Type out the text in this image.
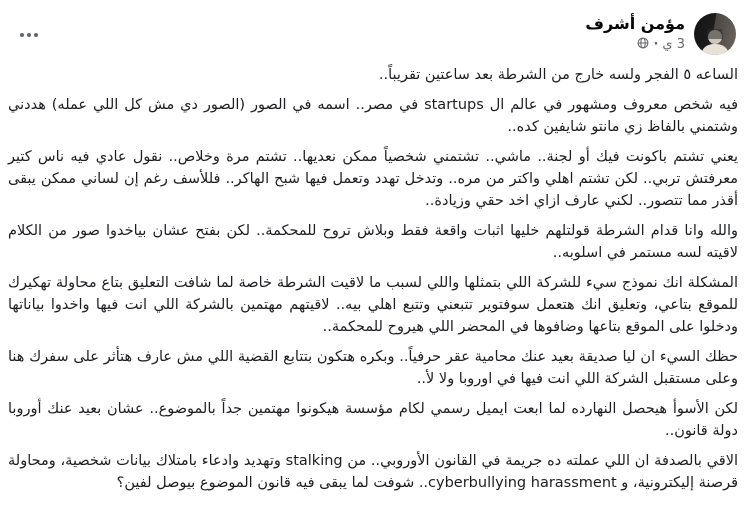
مؤمن أشرف
3 ي
·

الساعه ٥ الفجر ولسه خارج من الشرطة بعد ساعتين تقريباً..

فيه شخص معروف ومشهور في عالم ال startups في مصر.. اسمه في الصور (الصور دي مش كل اللي عمله) هددني وشتمني بالفاظ زي مانتو شايفين كده..

يعني تشتم باكونت فيك أو لجنة.. ماشي.. تشتمني شخصياً ممكن نعديها.. تشتم مرة وخلاص.. نقول عادي فيه ناس كتير معرفتش تربي.. لكن تشتم اهلي واكتر من مره.. وتدخل تهدد وتعمل فيها شبح الهاكر.. فللأسف رغم إن لساني ممكن يبقى أقذر مما تتصور.. لكني عارف ازاي اخد حقي وزيادة..

والله وانا قدام الشرطة قولتلهم خليها اثبات واقعة فقط وبلاش تروح للمحكمة.. لكن بفتح عشان بياخدوا صور من الكلام لاقيته لسه مستمر في اسلوبه..

المشكلة انك نموذج سيء للشركة اللي بتمثلها واللي لسبب ما لاقيت الشرطة خاصة لما شافت التعليق بتاع محاولة تهكيرك للموقع بتاعي، وتعليق انك هتعمل سوفتوير تتبعني وتتبع اهلي بيه.. لاقيتهم مهتمين بالشركة اللي انت فيها واخدوا بياناتها ودخلوا على الموقع بتاعها وضافوها في المحضر اللي هيروح للمحكمة..

حظك السيء ان ليا صديقة بعيد عنك محامية عقر حرفياً.. وبكره هتكون بتتابع القضية اللي مش عارف هتأثر على سفرك هنا وعلى مستقبل الشركة اللي انت فيها في اوروبا ولا لأ..

لكن الأسوأ هيحصل النهارده لما ابعت ايميل رسمي لكام مؤسسة هيكونوا مهتمين جداً بالموضوع.. عشان بعيد عنك أوروبا دولة قانون..

الاقي بالصدفة ان اللي عملته ده جريمة في القانون الأوروبي.. من stalking وتهديد وادعاء بامتلاك بيانات شخصية، ومحاولة قرصنة إليكترونية، و cyberbullying harassment.. شوفت لما يبقى فيه قانون الموضوع بيوصل لفين؟
